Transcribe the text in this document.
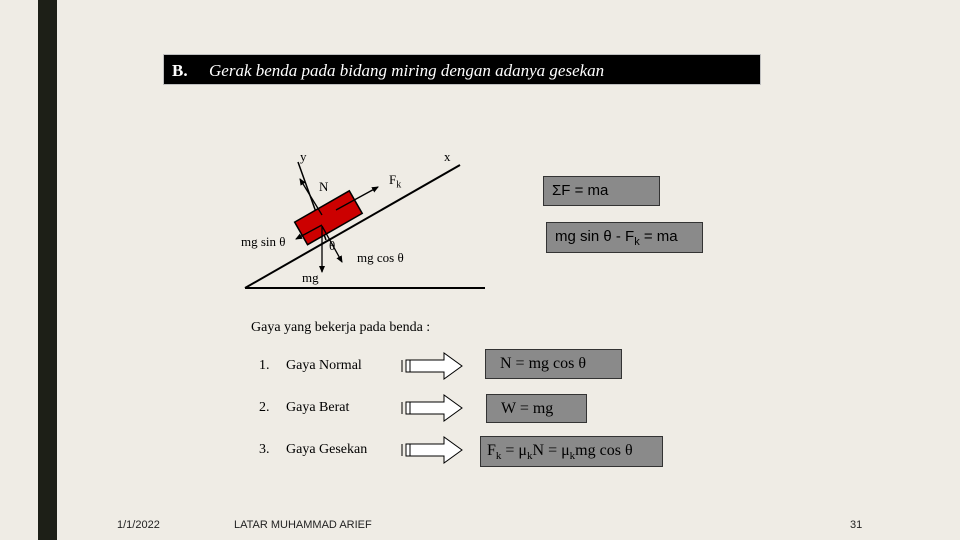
B. Gerak benda pada bidang miring dengan adanya gesekan
y	x
N	$F_k$
mg sin θ	θ
mg cos θ
mg
ΣF = ma
mg sin θ - $F_k$ = ma
Gaya yang bekerja pada benda :
1. Gaya Normal
2. Gaya Berat
3. Gaya Gesekan
N = mg cos θ
W = mg
$F_k = \mu_kN = \mu_kmg$ cos θ
1/1/2022	LATAR MUHAMMAD ARIEF	31
